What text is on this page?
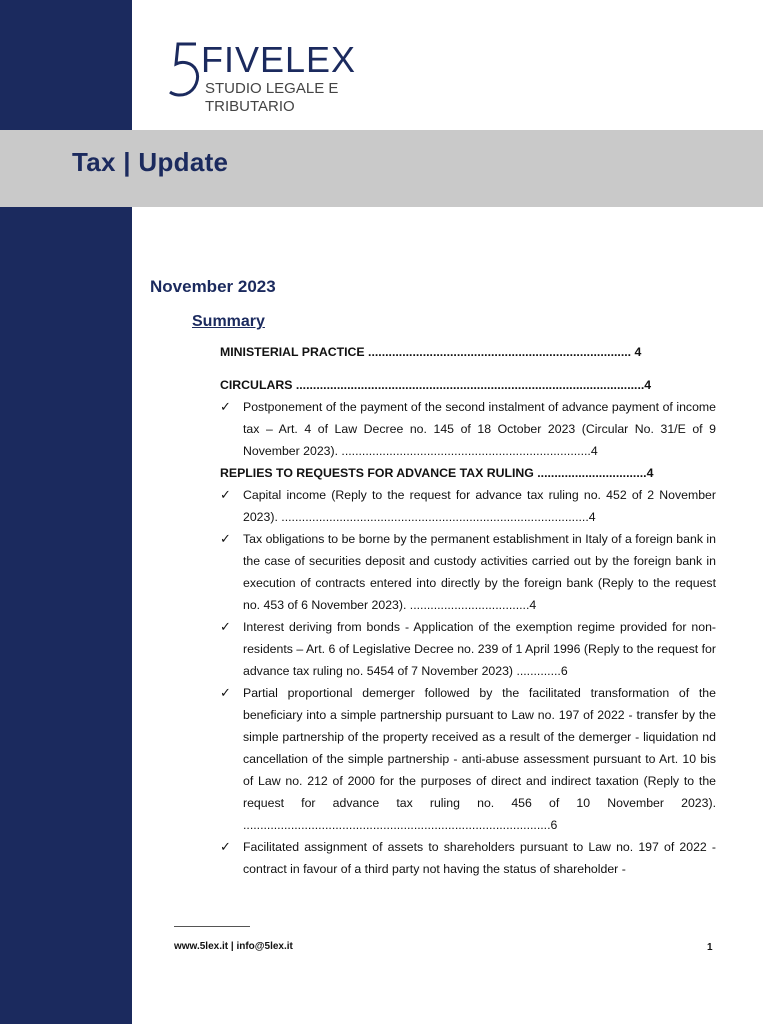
FIVELEX
STUDIO LEGALE E TRIBUTARIO
Tax | Update
November 2023
Summary
MINISTERIAL PRACTICE ............................................................................. 4
CIRCULARS ......................................................................................................4
✓ Postponement of the payment of the second instalment of advance payment of income tax – Art. 4 of Law Decree no. 145 of 18 October 2023 (Circular No. 31/E of 9 November 2023). .........................................................................4
REPLIES TO REQUESTS FOR ADVANCE TAX RULING ................................4
✓ Capital income (Reply to the request for advance tax ruling no. 452 of 2 November 2023). ..........................................................................................4
✓ Tax obligations to be borne by the permanent establishment in Italy of a foreign bank in the case of securities deposit and custody activities carried out by the foreign bank in execution of contracts entered into directly by the foreign bank (Reply to the request no. 453 of 6 November 2023). ...................................4
✓ Interest deriving from bonds - Application of the exemption regime provided for non-residents – Art. 6 of Legislative Decree no. 239 of 1 April 1996 (Reply to the request for advance tax ruling no. 5454 of 7 November 2023) .............6
✓ Partial proportional demerger followed by the facilitated transformation of the beneficiary into a simple partnership pursuant to Law no. 197 of 2022 - transfer by the simple partnership of the property received as a result of the demerger - liquidation nd cancellation of the simple partnership - anti-abuse assessment pursuant to Art. 10 bis of Law no. 212 of 2000 for the purposes of direct and indirect taxation (Reply to the request for advance tax ruling no. 456 of 10 November 2023). ..........................................................................................6
✓ Facilitated assignment of assets to shareholders pursuant to Law no. 197 of 2022 - contract in favour of a third party not having the status of shareholder -
www.5lex.it | info@5lex.it	1
